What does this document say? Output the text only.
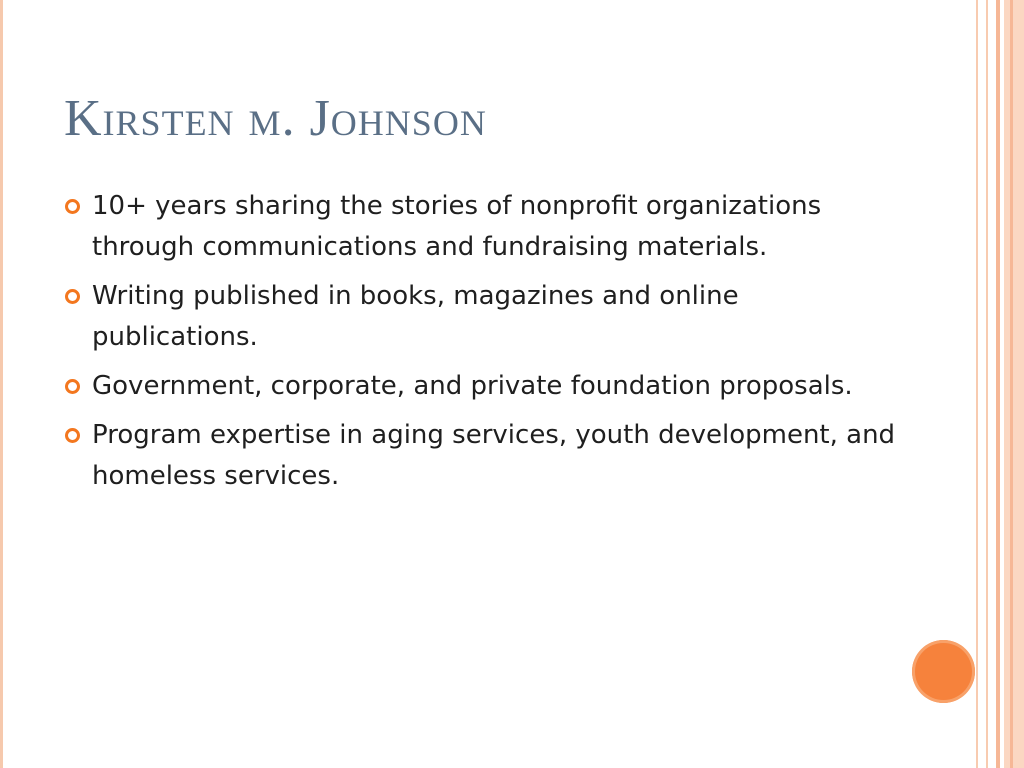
Kirsten m. Johnson
10+ years sharing the stories of nonprofit organizations through communications and fundraising materials.
Writing published in books, magazines and online publications.
Government, corporate, and private foundation proposals.
Program expertise in aging services, youth development, and homeless services.
